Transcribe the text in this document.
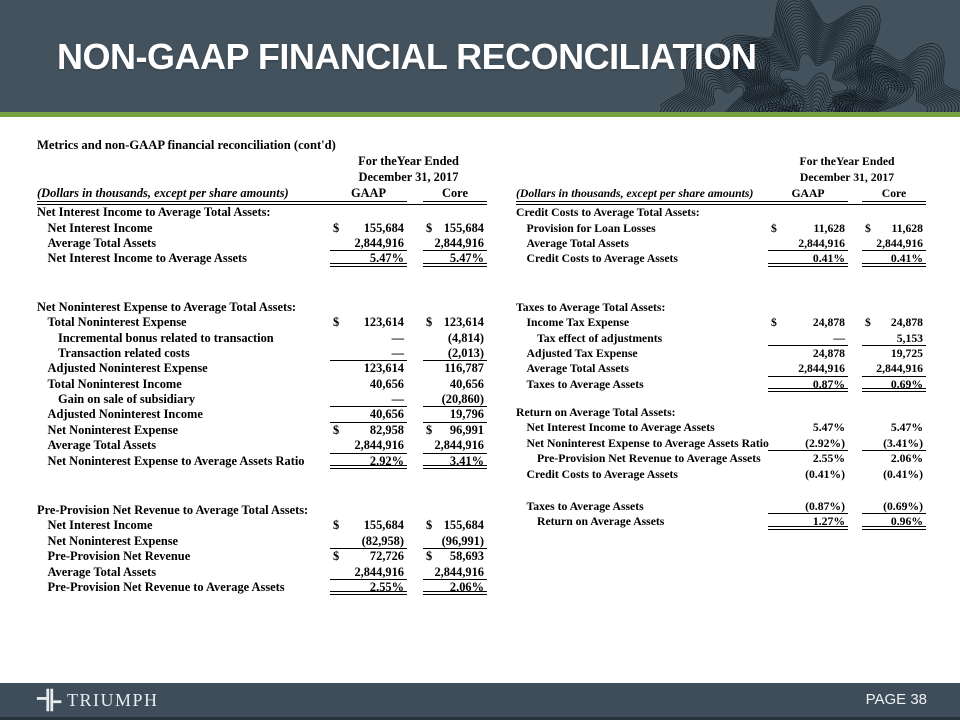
NON-GAAP FINANCIAL RECONCILIATION
Metrics and non-GAAP financial reconciliation (cont'd)
For theYear Ended
December 31, 2017
(Dollars in thousands, except per share amounts)	GAAP	Core
Net Interest Income to Average Total Assets:
Net Interest Income	$ 155,684 $ 155,684
Average Total Assets	2,844,916	2,844,916
Net Interest Income to Average Assets	5.47%	5.47%
Net Noninterest Expense to Average Total Assets:
Total Noninterest Expense	$ 123,614 $ 123,614
Incremental bonus related to transaction	—	(4,814)
Transaction related costs	—	(2,013)
Adjusted Noninterest Expense	123,614	116,787
Total Noninterest Income	40,656	40,656
Gain on sale of subsidiary	—	(20,860)
Adjusted Noninterest Income	40,656	19,796
Net Noninterest Expense	$ 82,958 $ 96,991
Average Total Assets	2,844,916	2,844,916
Net Noninterest Expense to Average Assets Ratio	2.92%	3.41%
Pre-Provision Net Revenue to Average Total Assets:
Net Interest Income	$ 155,684 $ 155,684
Net Noninterest Expense	(82,958)	(96,991)
Pre-Provision Net Revenue	$ 72,726 $ 58,693
Average Total Assets	2,844,916	2,844,916
Pre-Provision Net Revenue to Average Assets	2.55%	2.06%
For theYear Ended
December 31, 2017
(Dollars in thousands, except per share amounts)	GAAP	Core
Credit Costs to Average Total Assets:
Provision for Loan Losses	$	11,628 $ 11,628
Average Total Assets	2,844,916	2,844,916
Credit Costs to Average Assets	0.41%	0.41%
Taxes to Average Total Assets:
Income Tax Expense	$	24,878 $ 24,878
Tax effect of adjustments	—	5,153
Adjusted Tax Expense	24,878	19,725
Average Total Assets	2,844,916	2,844,916
Taxes to Average Assets	0.87%	0.69%
Return on Average Total Assets:
Net Interest Income to Average Assets	5.47%	5.47%
Net Noninterest Expense to Average Assets Ratio	(2.92%)	(3.41%)
Pre-Provision Net Revenue to Average Assets	2.55%	2.06%
Credit Costs to Average Assets	(0.41%)	(0.41%)
Taxes to Average Assets	(0.87%)	(0.69%)
Return on Average Assets	1.27%	0.96%
TRIUMPH	PAGE 38
